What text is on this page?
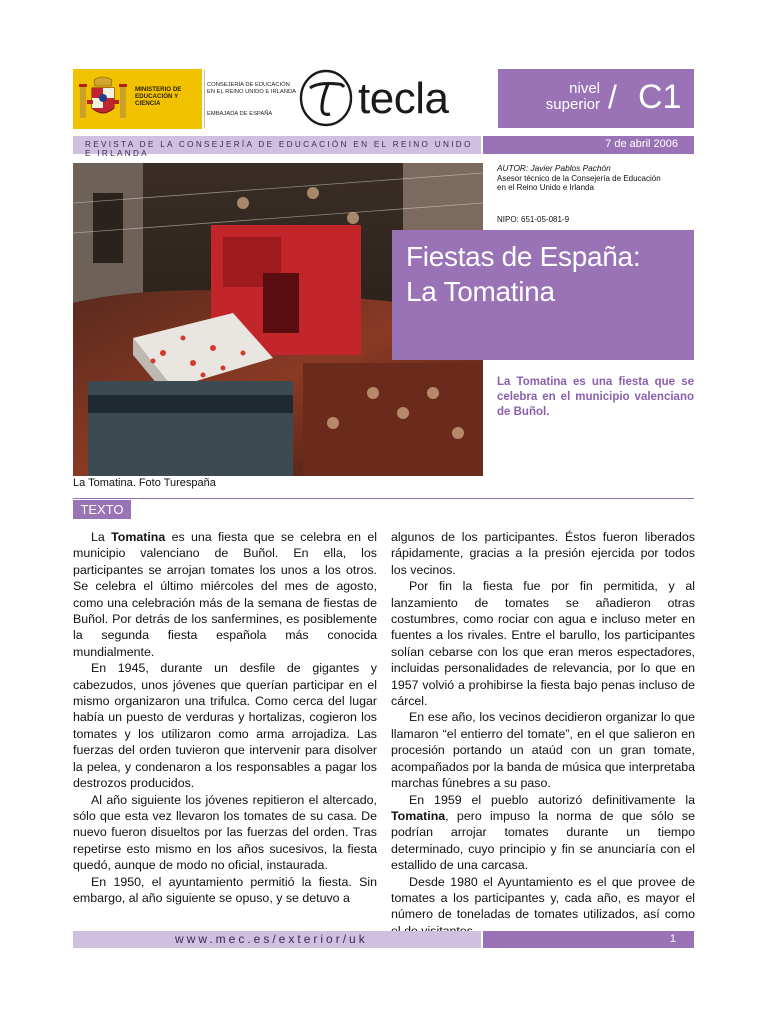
MINISTERIO DE EDUCACIÓN Y CIENCIA
CONSEJERÍA DE EDUCACIÓN EN EL REINO UNIDO E IRLANDA
EMBAJADA DE ESPAÑA	tecla	nivel
superior / C1
REVISTA DE LA CONSEJERÍA DE EDUCACIÓN EN EL REINO UNIDO E IRLANDA
7 de abril 2006
La Tomatina. Foto Turespaña
AUTOR: Javier Pablos Pachón
Asesor técnico de la Consejería de Educación
en el Reino Unido e Irlanda
NIPO: 651-05-081-9
Fiestas de España:
La Tomatina
La Tomatina es una fiesta que se celebra en el municipio valenciano de Buñol.
TEXTO

La Tomatina es una fiesta que se celebra en el municipio valenciano de Buñol. En ella, los participantes se arrojan tomates los unos a los otros. Se celebra el último miércoles del mes de agosto, como una celebración más de la semana de fiestas de Buñol. Por detrás de los sanfermines, es posiblemente la segunda fiesta española más conocida mundialmente.

En 1945, durante un desfile de gigantes y cabezudos, unos jóvenes que querían participar en el mismo organizaron una trifulca. Como cerca del lugar había un puesto de verduras y hortalizas, cogieron los tomates y los utilizaron como arma arrojadiza. Las fuerzas del orden tuvieron que intervenir para disolver la pelea, y condenaron a los responsables a pagar los destrozos producidos.

Al año siguiente los jóvenes repitieron el altercado, sólo que esta vez llevaron los tomates de su casa. De nuevo fueron disueltos por las fuerzas del orden. Tras repetirse esto mismo en los años sucesivos, la fiesta quedó, aunque de modo no oficial, instaurada.

En 1950, el ayuntamiento permitió la fiesta. Sin embargo, al año siguiente se opuso, y se detuvo a

algunos de los participantes. Éstos fueron liberados rápidamente, gracias a la presión ejercida por todos los vecinos.

Por fin la fiesta fue por fin permitida, y al lanzamiento de tomates se añadieron otras costumbres, como rociar con agua e incluso meter en fuentes a los rivales. Entre el barullo, los participantes solían cebarse con los que eran meros espectadores, incluidas personalidades de relevancia, por lo que en 1957 volvió a prohibirse la fiesta bajo penas incluso de cárcel.

En ese año, los vecinos decidieron organizar lo que llamaron “el entierro del tomate”, en el que salieron en procesión portando un ataúd con un gran tomate, acompañados por la banda de música que interpretaba marchas fúnebres a su paso.

En 1959 el pueblo autorizó definitivamente la Tomatina, pero impuso la norma de que sólo se podrían arrojar tomates durante un tiempo determinado, cuyo principio y fin se anunciaría con el estallido de una carcasa.

Desde 1980 el Ayuntamiento es el que provee de tomates a los participantes y, cada año, es mayor el número de toneladas de tomates utilizados, así como

www.mec.es/exterior/uk	1
